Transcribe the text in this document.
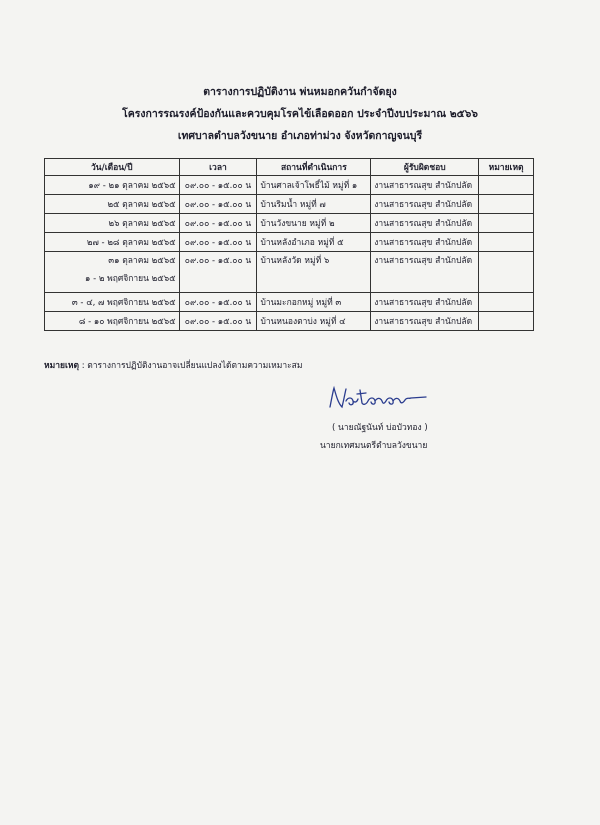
ตารางการปฏิบัติงาน พ่นหมอกควันกำจัดยุง
โครงการรณรงค์ป้องกันและควบคุมโรคไข้เลือดออก ประจำปีงบประมาณ ๒๕๖๖
เทศบาลตำบลวังขนาย อำเภอท่าม่วง จังหวัดกาญจนบุรี
วัน/เดือน/ปี	เวลา	สถานที่ดำเนินการ	ผู้รับผิดชอบ	หมายเหตุ
๑๙ - ๒๑ ตุลาคม ๒๕๖๕	๐๙.๐๐ - ๑๕.๐๐ น	บ้านศาลเจ้าโพธิ์ไม้ หมู่ที่ ๑	งานสาธารณสุข สำนักปลัด	
๒๕ ตุลาคม ๒๕๖๕	๐๙.๐๐ - ๑๕.๐๐ น	บ้านริมน้ำ หมู่ที่ ๗	งานสาธารณสุข สำนักปลัด	
๒๖ ตุลาคม ๒๕๖๕	๐๙.๐๐ - ๑๕.๐๐ น	บ้านวังขนาย หมู่ที่ ๒	งานสาธารณสุข สำนักปลัด	
๒๗ - ๒๘ ตุลาคม ๒๕๖๕	๐๙.๐๐ - ๑๕.๐๐ น	บ้านหลังอำเภอ หมู่ที่ ๕	งานสาธารณสุข สำนักปลัด	

๓๑ ตุลาคม ๒๕๖๕
๑ - ๒ พฤศจิกายน ๒๕๖๕	๐๙.๐๐ - ๑๕.๐๐ น	บ้านหลังวัด หมู่ที่ ๖	งานสาธารณสุข สำนักปลัด	

๓ - ๔, ๗ พฤศจิกายน ๒๕๖๕	๐๙.๐๐ - ๑๕.๐๐ น	บ้านมะกอกหมู่ หมู่ที่ ๓	งานสาธารณสุข สำนักปลัด	
๘ - ๑๐ พฤศจิกายน ๒๕๖๕	๐๙.๐๐ - ๑๕.๐๐ น	บ้านหนองตาบ่ง หมู่ที่ ๔	งานสาธารณสุข สำนักปลัด	
หมายเหตุ : ตารางการปฏิบัติงานอาจเปลี่ยนแปลงได้ตามความเหมาะสม
( นายณัฐนันท์ บ่อบัวทอง )
นายกเทศมนตรีตำบลวังขนาย
